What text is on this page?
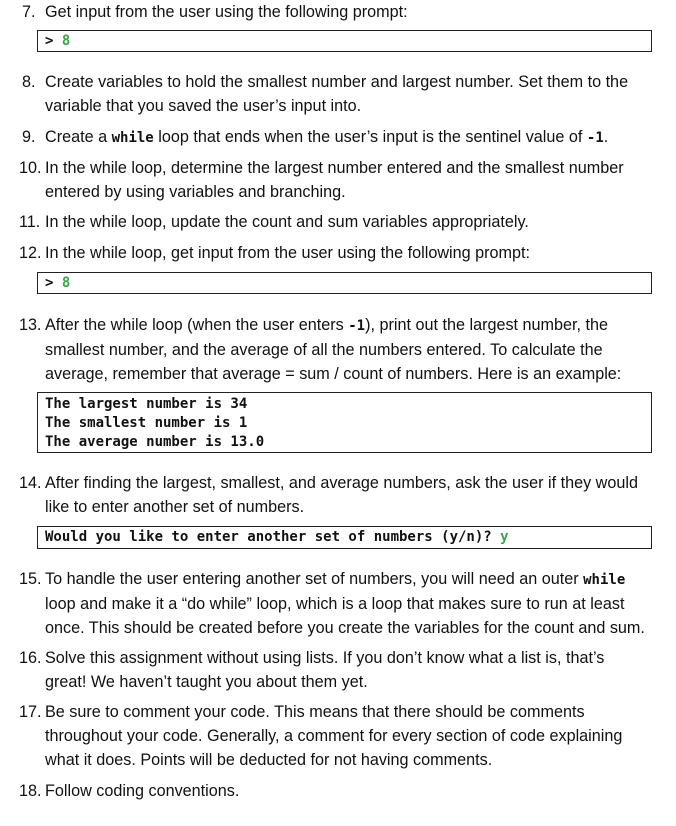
7. Get input from the user using the following prompt:
> 8
8. Create variables to hold the smallest number and largest number. Set them to the variable that you saved the user’s input into.
9. Create a while loop that ends when the user’s input is the sentinel value of -1.
10. In the while loop, determine the largest number entered and the smallest number entered by using variables and branching.
11. In the while loop, update the count and sum variables appropriately.
12. In the while loop, get input from the user using the following prompt:
> 8
13. After the while loop (when the user enters -1), print out the largest number, the smallest number, and the average of all the numbers entered. To calculate the average, remember that average = sum / count of numbers. Here is an example:
The largest number is 34
The smallest number is 1
The average number is 13.0
14. After finding the largest, smallest, and average numbers, ask the user if they would like to enter another set of numbers.
Would you like to enter another set of numbers (y/n)? y
15. To handle the user entering another set of numbers, you will need an outer while loop and make it a “do while” loop, which is a loop that makes sure to run at least once. This should be created before you create the variables for the count and sum.
16. Solve this assignment without using lists. If you don’t know what a list is, that’s great! We haven’t taught you about them yet.
17. Be sure to comment your code. This means that there should be comments throughout your code. Generally, a comment for every section of code explaining what it does. Points will be deducted for not having comments.
18. Follow coding conventions.
